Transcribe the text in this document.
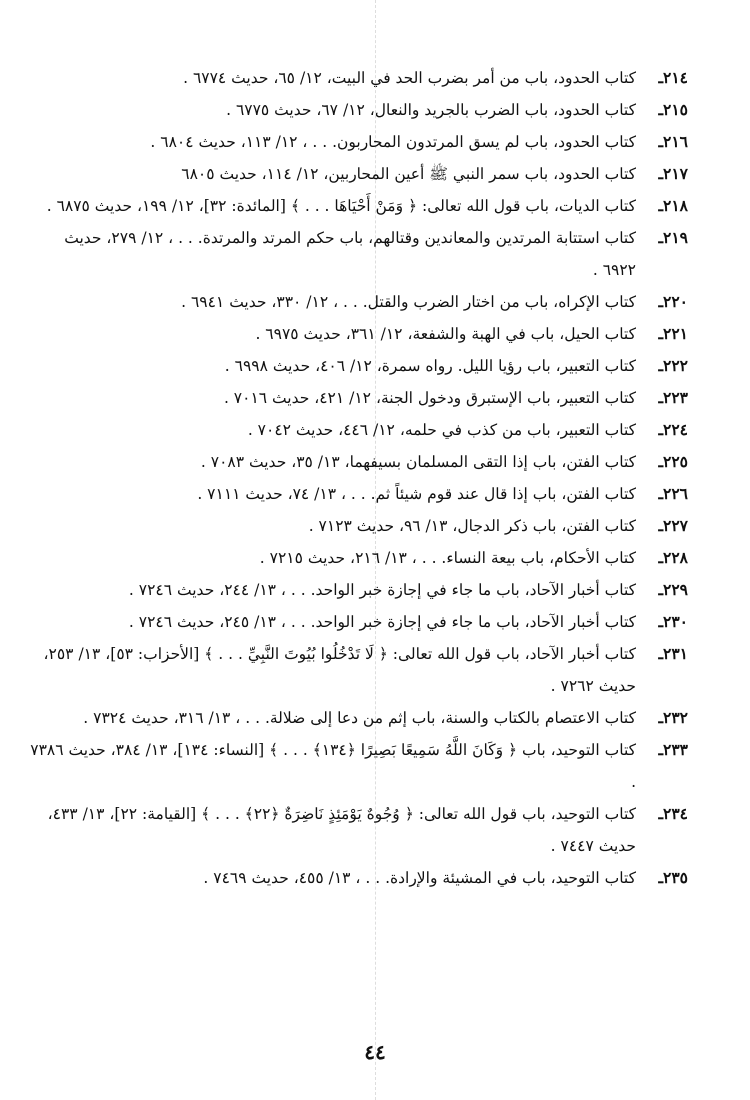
٢١٤ـ
كتاب الحدود، باب من أمر بضرب الحد في البيت، ١٢/ ٦٥، حديث ٦٧٧٤ .
٢١٥ـ
كتاب الحدود، باب الضرب بالجريد والنعال، ١٢/ ٦٧، حديث ٦٧٧٥ .
٢١٦ـ
كتاب الحدود، باب لم يسق المرتدون المحاربون. . . ، ١٢/ ١١٣، حديث ٦٨٠٤ .
٢١٧ـ
كتاب الحدود، باب سمر النبي ﷺ أعين المحاربين، ١٢/ ١١٤، حديث ٦٨٠٥
٢١٨ـ
كتاب الديات، باب قول الله تعالى: ﴿ وَمَنْ أَحْيَاهَا . . . ﴾ [المائدة: ٣٢]، ١٢/ ١٩٩، حديث ٦٨٧٥ .
٢١٩ـ
كتاب استتابة المرتدين والمعاندين وقتالهم، باب حكم المرتد والمرتدة. . . ، ١٢/ ٢٧٩، حديث ٦٩٢٢ .
٢٢٠ـ
كتاب الإكراه، باب من اختار الضرب والقتل. . . ، ١٢/ ٣٣٠، حديث ٦٩٤١ .
٢٢١ـ
كتاب الحيل، باب في الهبة والشفعة، ١٢/ ٣٦١، حديث ٦٩٧٥ .
٢٢٢ـ
كتاب التعبير، باب رؤيا الليل. رواه سمرة، ١٢/ ٤٠٦، حديث ٦٩٩٨ .
٢٢٣ـ
كتاب التعبير، باب الإستبرق ودخول الجنة، ١٢/ ٤٢١، حديث ٧٠١٦ .
٢٢٤ـ
كتاب التعبير، باب من كذب في حلمه، ١٢/ ٤٤٦، حديث ٧٠٤٢ .
٢٢٥ـ
كتاب الفتن، باب إذا التقى المسلمان بسيفهما، ١٣/ ٣٥، حديث ٧٠٨٣ .
٢٢٦ـ
كتاب الفتن، باب إذا قال عند قوم شيئاً ثم. . . ، ١٣/ ٧٤، حديث ٧١١١ .
٢٢٧ـ
كتاب الفتن، باب ذكر الدجال، ١٣/ ٩٦، حديث ٧١٢٣ .
٢٢٨ـ
كتاب الأحكام، باب بيعة النساء. . . ، ١٣/ ٢١٦، حديث ٧٢١٥ .
٢٢٩ـ
كتاب أخبار الآحاد، باب ما جاء في إجازة خبر الواحد. . . ، ١٣/ ٢٤٤، حديث ٧٢٤٦ .
٢٣٠ـ
كتاب أخبار الآحاد، باب ما جاء في إجازة خبر الواحد. . . ، ١٣/ ٢٤٥، حديث ٧٢٤٦ .
٢٣١ـ
كتاب أخبار الآحاد، باب قول الله تعالى: ﴿ لَا تَدْخُلُوا بُيُوتَ النَّبِيِّ . . . ﴾ [الأحزاب: ٥٣]، ١٣/ ٢٥٣، حديث ٧٢٦٢ .
٢٣٢ـ
كتاب الاعتصام بالكتاب والسنة، باب إثم من دعا إلى ضلالة. . . ، ١٣/ ٣١٦، حديث ٧٣٢٤ .
٢٣٣ـ
كتاب التوحيد، باب ﴿ وَكَانَ اللَّهُ سَمِيعًا بَصِيرًا ﴿١٣٤﴾ . . . ﴾ [النساء: ١٣٤]، ١٣/ ٣٨٤، حديث ٧٣٨٦ .
٢٣٤ـ
كتاب التوحيد، باب قول الله تعالى: ﴿ وُجُوهٌ يَوْمَئِذٍ نَاضِرَةٌ ﴿٢٢﴾ . . . ﴾ [القيامة: ٢٢]، ١٣/ ٤٣٣، حديث ٧٤٤٧ .
٢٣٥ـ
كتاب التوحيد، باب في المشيئة والإرادة. . . ، ١٣/ ٤٥٥، حديث ٧٤٦٩ .
٤٤
